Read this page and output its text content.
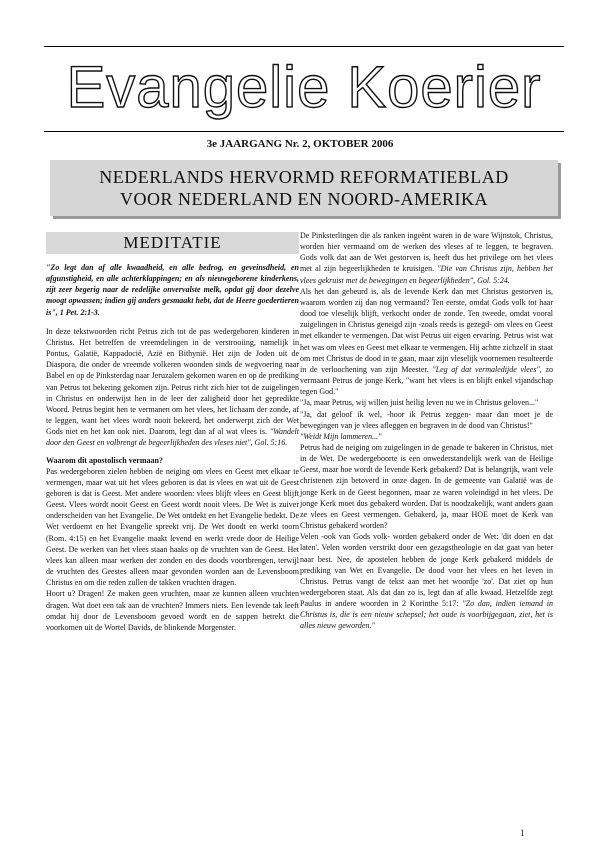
Evangelie Koerier
3e JAARGANG Nr. 2, OKTOBER 2006
NEDERLANDS HERVORMD REFORMATIEBLAD
VOOR NEDERLAND EN NOORD-AMERIKA
MEDITATIE

"Zo legt dan af alle kwaadheid, en alle bedrog, en geveinsdheid, en afgunstigheid, en alle achterklappingen; en als nieuwgeborene kinderkens, zijt zeer begerig naar de redelijke onvervalste melk, opdat gij door dezelve moogt opwassen; indien gij anders gesmaakt hebt, dat de Heere goedertieren is", 1 Pet. 2:1-3.

In deze tekstwoorden richt Petrus zich tot de pas wedergeboren kinderen in Christus. Het betreffen de vreemdelingen in de verstrooiing, namelijk in Pontus, Galatië, Kappadocië, Azië en Bithynië. Het zijn de Joden uit de Diaspora, die onder de vreemde volkeren woonden sinds de wegvoering naar Babel en op de Pinksterdag naar Jeruzalem gekomen waren en op de prediking van Petrus tot bekering gekomen zijn. Petrus richt zich hier tot de zuigelingen in Christus en onderwijst hen in de leer der zaligheid door het gepredikte Woord. Petrus begint hen te vermanen om het vlees, het lichaam der zonde, af te leggen, want het vlees wordt nooit bekeerd, het onderwerpt zich der Wet Gods niet en het kan ook niet. Daarom, legt dan af al wat vlees is. "Wandelt door den Geest en volbrengt de begeerlijkheden des vleses niet", Gol. 5:16.

Waarom dit apostolisch vermaan?

Pas wedergeboren zielen hebben de neiging om vlees en Geest met elkaar te vermengen, maar wat uit het vlees geboren is dat is vlees en wat uit de Geest geboren is dat is Geest. Met andere woorden: vlees blijft vlees en Geest blijft Geest. Vlees wordt nooit Geest en Geest wordt nooit vlees. De Wet is zuiver onderscheiden van het Evangelie. De Wet ontdekt en het Evangelie bedekt. De Wet verdoemt en het Evangelie spreekt vrij. De Wet doodt en werkt toorn (Rom. 4:15) en het Evangelie maakt levend en werkt vrede door de Heilige Geest. De werken van het vlees staan haaks op de vruchten van de Geest. Het vlees kan alleen maar werken der zonden en des doods voortbrengen, terwijl de vruchten des Geestes alleen maar gevonden worden aan de Levensboom Christus en om die reden zullen de takken vruchten dragen.

Hoort u? Dragen! Ze maken geen vruchten, maar ze kunnen alleen vruchten dragen. Wat doet een tak aan de vruchten? Immers niets. Een levende tak leeft omdat hij door de Levensboom gevoed wordt en de sappen betrekt die voorkomen uit de Wortel Davids, de blinkende Morgenster.

De Pinksterlingen die als ranken ingeënt waren in de ware Wijnstok, Christus, worden hier vermaand om de werken des vleses af te leggen, te begraven. Gods volk dat aan de Wet gestorven is, heeft dus het privilege om het vlees met al zijn begeerlijkheden te kruisigen. "Die van Christus zijn, hebben het vlees gekruist met de bewegingen en begeerlijkheden", Gol. 5:24.

Als het dan gebeurd is, als de levende Kerk dan met Christus gestorven is, waarom worden zij dan nog vermaand? Ten eerste, omdat Gods volk tot haar dood toe vleselijk blijft, verkocht onder de zonde. Ten tweede, omdat vooral zuigelingen in Christus geneigd zijn -zoals reeds is gezegd- om vlees en Geest met elkander te vermengen. Dat wist Petrus uit eigen ervaring. Petrus wist wat het was om vlees en Geest met elkaar te vermengen. Hij achtte zichzelf in staat om met Christus de dood in te gaan, maar zijn vleselijk voornemen resulteerde in de verloochening van zijn Meester. "Leg af dat vermaledijde vlees", zo vermaant Petrus de jonge Kerk, "want het vlees is en blijft enkel vijandschap tegen God."

"Ja, maar Petrus, wij willen juist heilig leven nu we in Christus geloven..."

"Ja, dat geloof ik wel, -hoor ik Petrus zeggen- maar dan moet je de bewegingen van je vlees afleggen en begraven in de dood van Christus!"

"Weidt Mijn lammeren..."

Petrus had de neiging om zuigelingen in de genade te bakeren in Christus, niet in de Wet. De wedergeboorte is een onwederstandelijk werk van de Heilige Geest, maar hoe wordt de levende Kerk gebakerd? Dat is belangrijk, want vele christenen zijn betoverd in onze dagen. In de gemeente van Galatië was de jonge Kerk in de Geest begonnen, maar ze waren voleindigd in het vlees. De jonge Kerk moet dus gebakerd worden. Dat is noodzakelijk, want anders gaan ze vlees en Geest vermengen. Gebakerd, ja, maar HOE moet de Kerk van Christus gebakerd worden?

Velen -ook van Gods volk- worden gebakerd onder de Wet: 'dit doen en dat laten'. Velen worden verstrikt door een gezagstheologie en dat gaat van beter naar best. Nee, de apostelen hebben de jonge Kerk gebakerd middels de prediking van Wet en Evangelie. De dood voor het vlees en het leven in Christus. Petrus vangt de tekst aan met het woordje 'zo'. Dat ziet op hun wedergeboren staat. Als dat dan zo is, legt dan af alle kwaad. Hetzelfde zegt Paulus in andere woorden in 2 Korinthe 5:17: "Zo dan, indien iemand in Christus is, die is een nieuw schepsel; het oude is voorbijgegaan, ziet, het is alles nieuw geworden."

1
